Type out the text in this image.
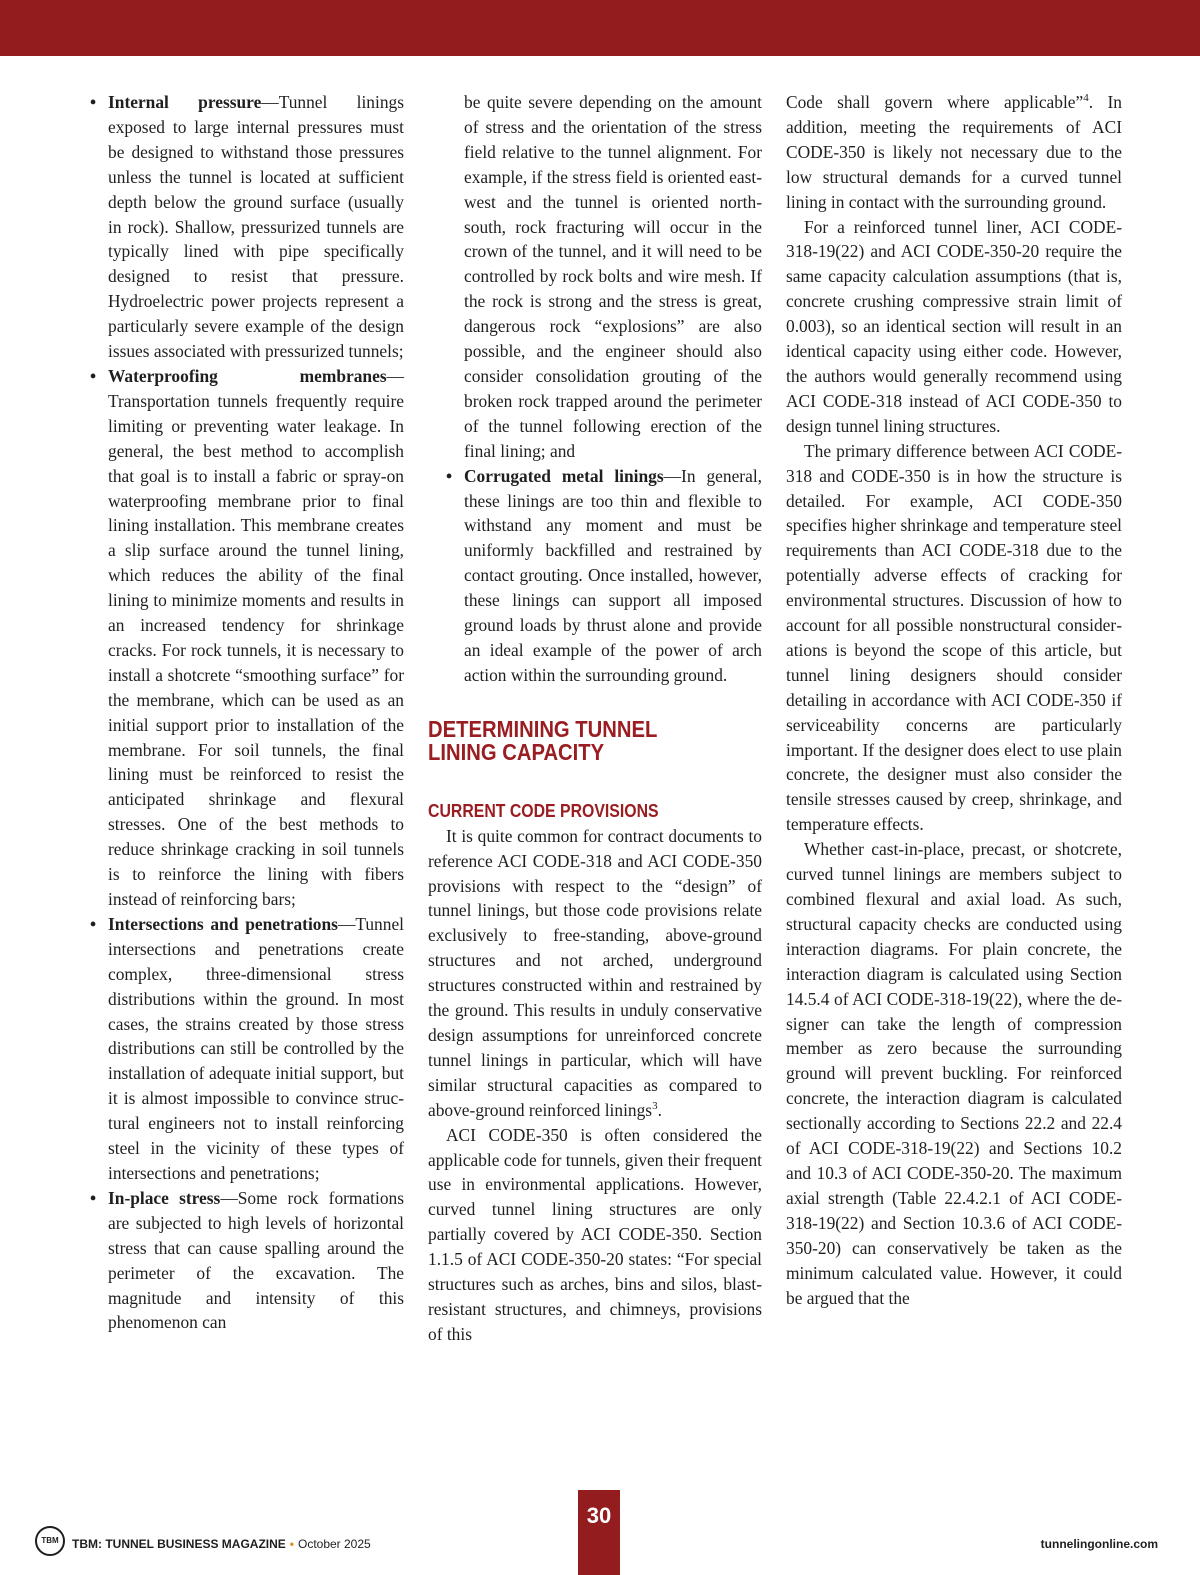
• Internal pressure—Tunnel linings exposed to large internal pressures must be designed to withstand those pressures unless the tunnel is located at sufficient depth below the ground surface (usually in rock). Shallow, pressurized tunnels are typically lined with pipe specifically designed to resist that pressure. Hydroelectric power projects represent a particularly severe example of the design issues associated with pressurized tunnels;
• Waterproofing membranes—Transportation tunnels frequently require limiting or preventing water leakage. In general, the best method to accomplish that goal is to install a fabric or spray-on waterproofing membrane prior to final lining installation. This membrane creates a slip surface around the tunnel lining, which reduces the ability of the final lining to minimize moments and results in an increased tendency for shrinkage cracks. For rock tunnels, it is necessary to install a shotcrete “smoothing surface” for the membrane, which can be used as an initial support prior to installation of the membrane. For soil tunnels, the final lining must be reinforced to resist the anticipated shrinkage and flexural stresses. One of the best methods to reduce shrinkage cracking in soil tunnels is to reinforce the lining with fibers instead of reinforcing bars;
• Intersections and penetrations—Tunnel intersections and penetrations create complex, three-dimensional stress distributions within the ground. In most cases, the strains created by those stress distributions can still be controlled by the installation of adequate initial support, but it is almost impossible to convince structural engineers not to install reinforcing steel in the vicinity of these types of intersections and penetrations;
• In-place stress—Some rock formations are subjected to high levels of horizontal stress that can cause spalling around the perimeter of the excavation. The magnitude and intensity of this phenomenon can

be quite severe depending on the amount of stress and the orientation of the stress field relative to the tunnel alignment. For example, if the stress field is oriented east-west and the tunnel is oriented north-south, rock fracturing will occur in the crown of the tunnel, and it will need to be controlled by rock bolts and wire mesh. If the rock is strong and the stress is great, dangerous rock “explosions” are also possible, and the engineer should also consider consolidation grouting of the broken rock trapped around the perimeter of the tunnel following erection of the final lining; and

• Corrugated metal linings—In general, these linings are too thin and flexible to withstand any moment and must be uniformly backfilled and restrained by contact grouting. Once installed, however, these linings can support all imposed ground loads by thrust alone and provide an ideal example of the power of arch action within the surrounding ground.
DETERMINING TUNNEL
LINING CAPACITY
CURRENT CODE PROVISIONS

It is quite common for contract documents to reference ACI CODE-318 and ACI CODE-350 provisions with respect to the “design” of tunnel linings, but those code provisions relate exclusively to free-standing, above-ground structures and not arched, underground structures constructed within and restrained by the ground. This results in unduly conservative design assumptions for unreinforced concrete tunnel linings in particular, which will have similar structural capacities as compared to above-ground reinforced linings$^3$.

ACI CODE-350 is often considered the applicable code for tunnels, given their frequent use in environmental applications. However, curved tunnel lining structures are only partially covered by ACI CODE-350. Section 1.1.5 of ACI CODE-350-20 states: “For special structures such as arches, bins and silos, blast-resistant structures, and chimneys, provisions of this

Code shall govern where applicable”$^4$. In addition, meeting the requirements of ACI CODE-350 is likely not necessary due to the low structural demands for a curved tunnel lining in contact with the surrounding ground.

For a reinforced tunnel liner, ACI CODE-318-19(22) and ACI CODE-350-20 require the same capacity calculation assumptions (that is, concrete crushing compressive strain limit of 0.003), so an identical section will result in an identical capacity using either code. However, the authors would generally recommend using ACI CODE-318 instead of ACI CODE-350 to design tunnel lining structures.

The primary difference between ACI CODE-318 and CODE-350 is in how the structure is detailed. For example, ACI CODE-350 specifies higher shrinkage and temperature steel requirements than ACI CODE-318 due to the potentially adverse effects of cracking for environmental structures. Discussion of how to account for all possible nonstructural considerations is beyond the scope of this article, but tunnel lining designers should consider detailing in accordance with ACI CODE-350 if serviceability concerns are particularly important. If the designer does elect to use plain concrete, the designer must also consider the tensile stresses caused by creep, shrinkage, and temperature effects.

Whether cast-in-place, precast, or shotcrete, curved tunnel linings are members subject to combined flexural and axial load. As such, structural capacity checks are conducted using interaction diagrams. For plain concrete, the interaction diagram is calculated using Section 14.5.4 of ACI CODE-318-19(22), where the designer can take the length of compression member as zero because the surrounding ground will prevent buckling. For reinforced concrete, the interaction diagram is calculated sectionally according to Sections 22.2 and 22.4 of ACI CODE-318-19(22) and Sections 10.2 and 10.3 of ACI CODE-350-20. The maximum axial strength (Table 22.4.2.1 of ACI CODE-318-19(22) and Section 10.3.6 of ACI CODE-350-20) can conservatively be taken as the minimum calculated value. However, it could be argued that the

TBM	TBM: TUNNEL BUSINESS MAGAZINE • October 2025
30
tunnelingonline.com
